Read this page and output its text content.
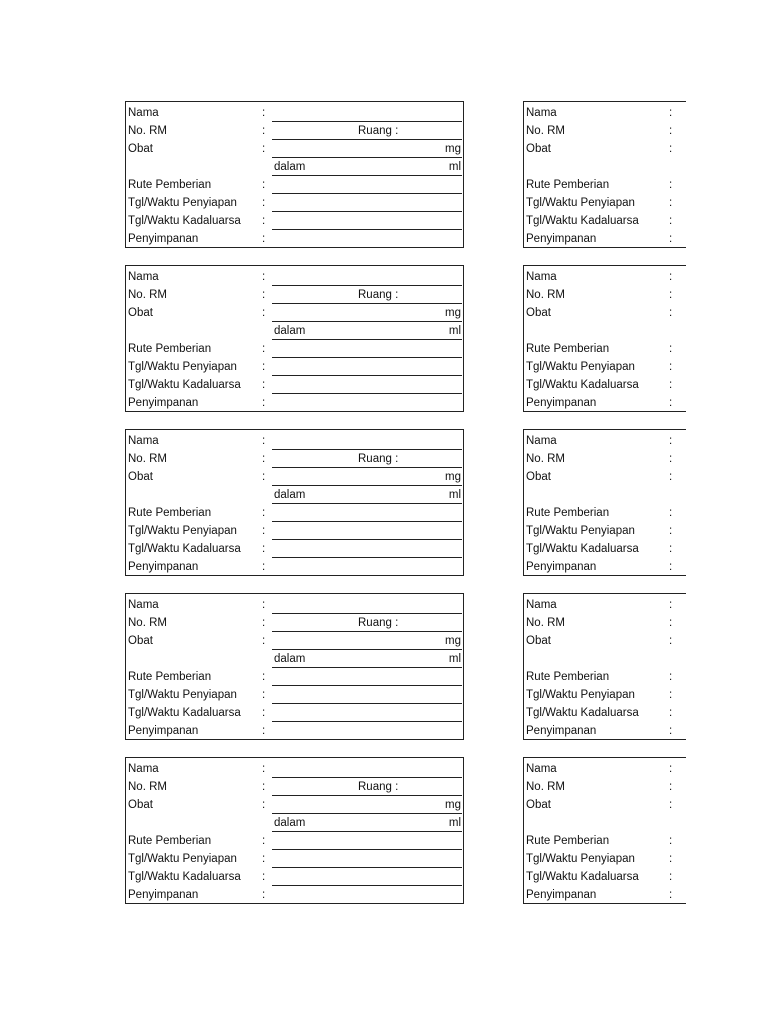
Nama	:
No. RM	:	Ruang :
Obat	:	mg
dalam	ml
Rute Pemberian	:
Tgl/Waktu Penyiapan :
Tgl/Waktu Kadaluarsa :
Penyimpanan	:
Nama	:
No. RM	:
Obat	:
Rute Pemberian	:
Tgl/Waktu Penyiapan	:
Tgl/Waktu Kadaluarsa	:
Penyimpanan	:
Nama	:
No. RM	:	Ruang :
Obat	:	mg
dalam	ml
Rute Pemberian	:
Tgl/Waktu Penyiapan :
Tgl/Waktu Kadaluarsa :
Penyimpanan	:
Nama	:
No. RM	:
Obat	:
Rute Pemberian	:
Tgl/Waktu Penyiapan	:
Tgl/Waktu Kadaluarsa	:
Penyimpanan	:
Nama	:
No. RM	:	Ruang :
Obat	:	mg
dalam	ml
Rute Pemberian	:
Tgl/Waktu Penyiapan :
Tgl/Waktu Kadaluarsa :
Penyimpanan	:
Nama	:
No. RM	:
Obat	:
Rute Pemberian	:
Tgl/Waktu Penyiapan	:
Tgl/Waktu Kadaluarsa	:
Penyimpanan	:
Nama	:
No. RM	:	Ruang :
Obat	:	mg
dalam	ml
Rute Pemberian	:
Tgl/Waktu Penyiapan :
Tgl/Waktu Kadaluarsa :
Penyimpanan	:
Nama	:
No. RM	:
Obat	:
Rute Pemberian	:
Tgl/Waktu Penyiapan	:
Tgl/Waktu Kadaluarsa	:
Penyimpanan	:
Nama	:
No. RM	:	Ruang :
Obat	:	mg
dalam	ml
Rute Pemberian	:
Tgl/Waktu Penyiapan :
Tgl/Waktu Kadaluarsa :
Penyimpanan	:
Nama	:
No. RM	:
Obat	:
Rute Pemberian	:
Tgl/Waktu Penyiapan	:
Tgl/Waktu Kadaluarsa	:
Penyimpanan	:
